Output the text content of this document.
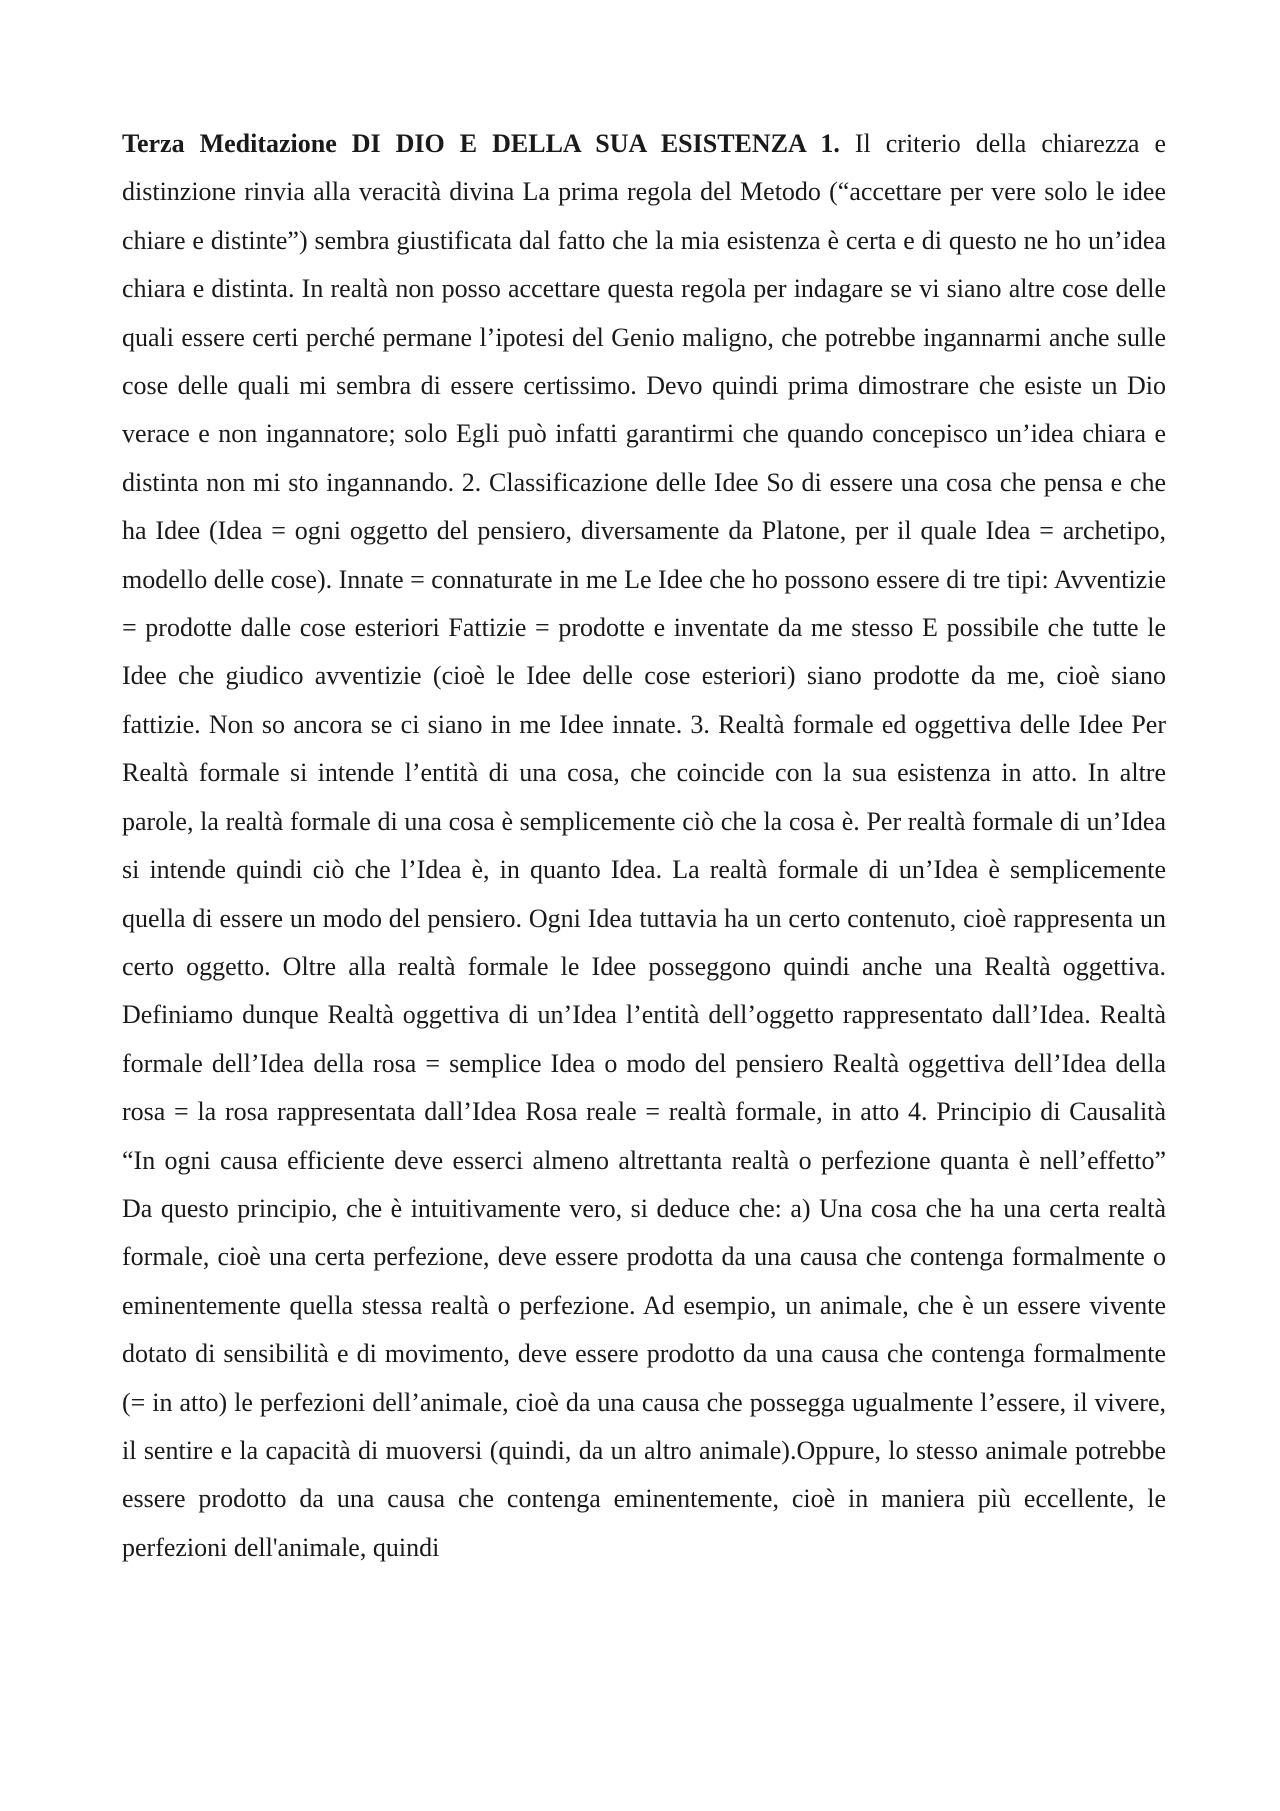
Terza Meditazione DI DIO E DELLA SUA ESISTENZA 1. Il criterio della chiarezza e distinzione rinvia alla veracità divina La prima regola del Metodo (“accettare per vere solo le idee chiare e distinte”) sembra giustificata dal fatto che la mia esistenza è certa e di questo ne ho un’idea chiara e distinta. In realtà non posso accettare questa regola per indagare se vi siano altre cose delle quali essere certi perché permane l’ipotesi del Genio maligno, che potrebbe ingannarmi anche sulle cose delle quali mi sembra di essere certissimo. Devo quindi prima dimostrare che esiste un Dio verace e non ingannatore; solo Egli può infatti garantirmi che quando concepisco un’idea chiara e distinta non mi sto ingannando. 2. Classificazione delle Idee So di essere una cosa che pensa e che ha Idee (Idea = ogni oggetto del pensiero, diversamente da Platone, per il quale Idea = archetipo, modello delle cose). Innate = connaturate in me Le Idee che ho possono essere di tre tipi: Avventizie = prodotte dalle cose esteriori Fattizie = prodotte e inventate da me stesso E possibile che tutte le Idee che giudico avventizie (cioè le Idee delle cose esteriori) siano prodotte da me, cioè siano fattizie. Non so ancora se ci siano in me Idee innate. 3. Realtà formale ed oggettiva delle Idee Per Realtà formale si intende l’entità di una cosa, che coincide con la sua esistenza in atto. In altre parole, la realtà formale di una cosa è semplicemente ciò che la cosa è. Per realtà formale di un’Idea si intende quindi ciò che l’Idea è, in quanto Idea. La realtà formale di un’Idea è semplicemente quella di essere un modo del pensiero. Ogni Idea tuttavia ha un certo contenuto, cioè rappresenta un certo oggetto. Oltre alla realtà formale le Idee posseggono quindi anche una Realtà oggettiva. Definiamo dunque Realtà oggettiva di un’Idea l’entità dell’oggetto rappresentato dall’Idea. Realtà formale dell’Idea della rosa = semplice Idea o modo del pensiero Realtà oggettiva dell’Idea della rosa = la rosa rappresentata dall’Idea Rosa reale = realtà formale, in atto 4. Principio di Causalità “In ogni causa efficiente deve esserci almeno altrettanta realtà o perfezione quanta è nell’effetto” Da questo principio, che è intuitivamente vero, si deduce che: a) Una cosa che ha una certa realtà formale, cioè una certa perfezione, deve essere prodotta da una causa che contenga formalmente o eminentemente quella stessa realtà o perfezione. Ad esempio, un animale, che è un essere vivente dotato di sensibilità e di movimento, deve essere prodotto da una causa che contenga formalmente (= in atto) le perfezioni dell’animale, cioè da una causa che possegga ugualmente l’essere, il vivere, il sentire e la capacità di muoversi (quindi, da un altro animale).Oppure, lo stesso animale potrebbe essere prodotto da una causa che contenga eminentemente, cioè in maniera più eccellente, le perfezioni dell'animale, quindi
